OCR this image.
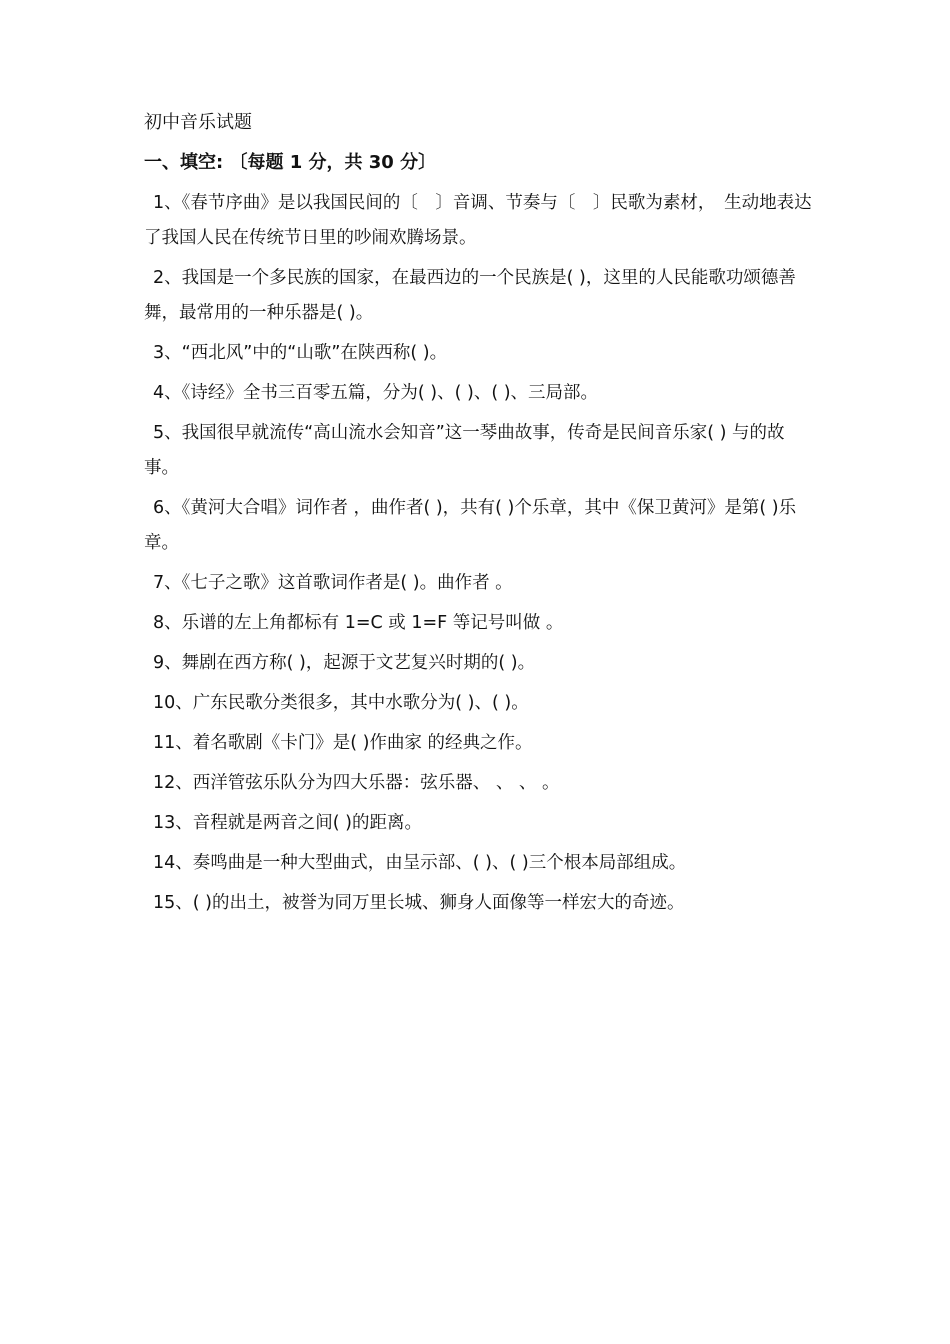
初中音乐试题
一、填空: 〔每题 1 分，共 30 分〕
1、《春节序曲》是以我国民间的〔　〕音调、节奏与〔　〕民歌为素材，　生动地表达了我国人民在传统节日里的吵闹欢腾场景。
2、我国是一个多民族的国家，在最西边的一个民族是( )，这里的人民能歌功颂德善舞，最常用的一种乐器是( )。
3、“西北风”中的“山歌”在陕西称( )。
4、《诗经》全书三百零五篇，分为( )、( )、( )、三局部。
5、我国很早就流传“高山流水会知音”这一琴曲故事，传奇是民间音乐家( ) 与的故事。
6、《黄河大合唱》词作者 ，曲作者( )，共有( )个乐章，其中《保卫黄河》是第( )乐章。
7、《七子之歌》这首歌词作者是( )。曲作者 。
8、乐谱的左上角都标有 1=C 或 1=F 等记号叫做 。
9、舞剧在西方称( )，起源于文艺复兴时期的( )。
10、广东民歌分类很多，其中水歌分为( )、( )。
11、着名歌剧《卡门》是( )作曲家 的经典之作。
12、西洋管弦乐队分为四大乐器：弦乐器、 、 、 。
13、音程就是两音之间( )的距离。
14、奏鸣曲是一种大型曲式，由呈示部、( )、( )三个根本局部组成。
15、( )的出土，被誉为同万里长城、狮身人面像等一样宏大的奇迹。
